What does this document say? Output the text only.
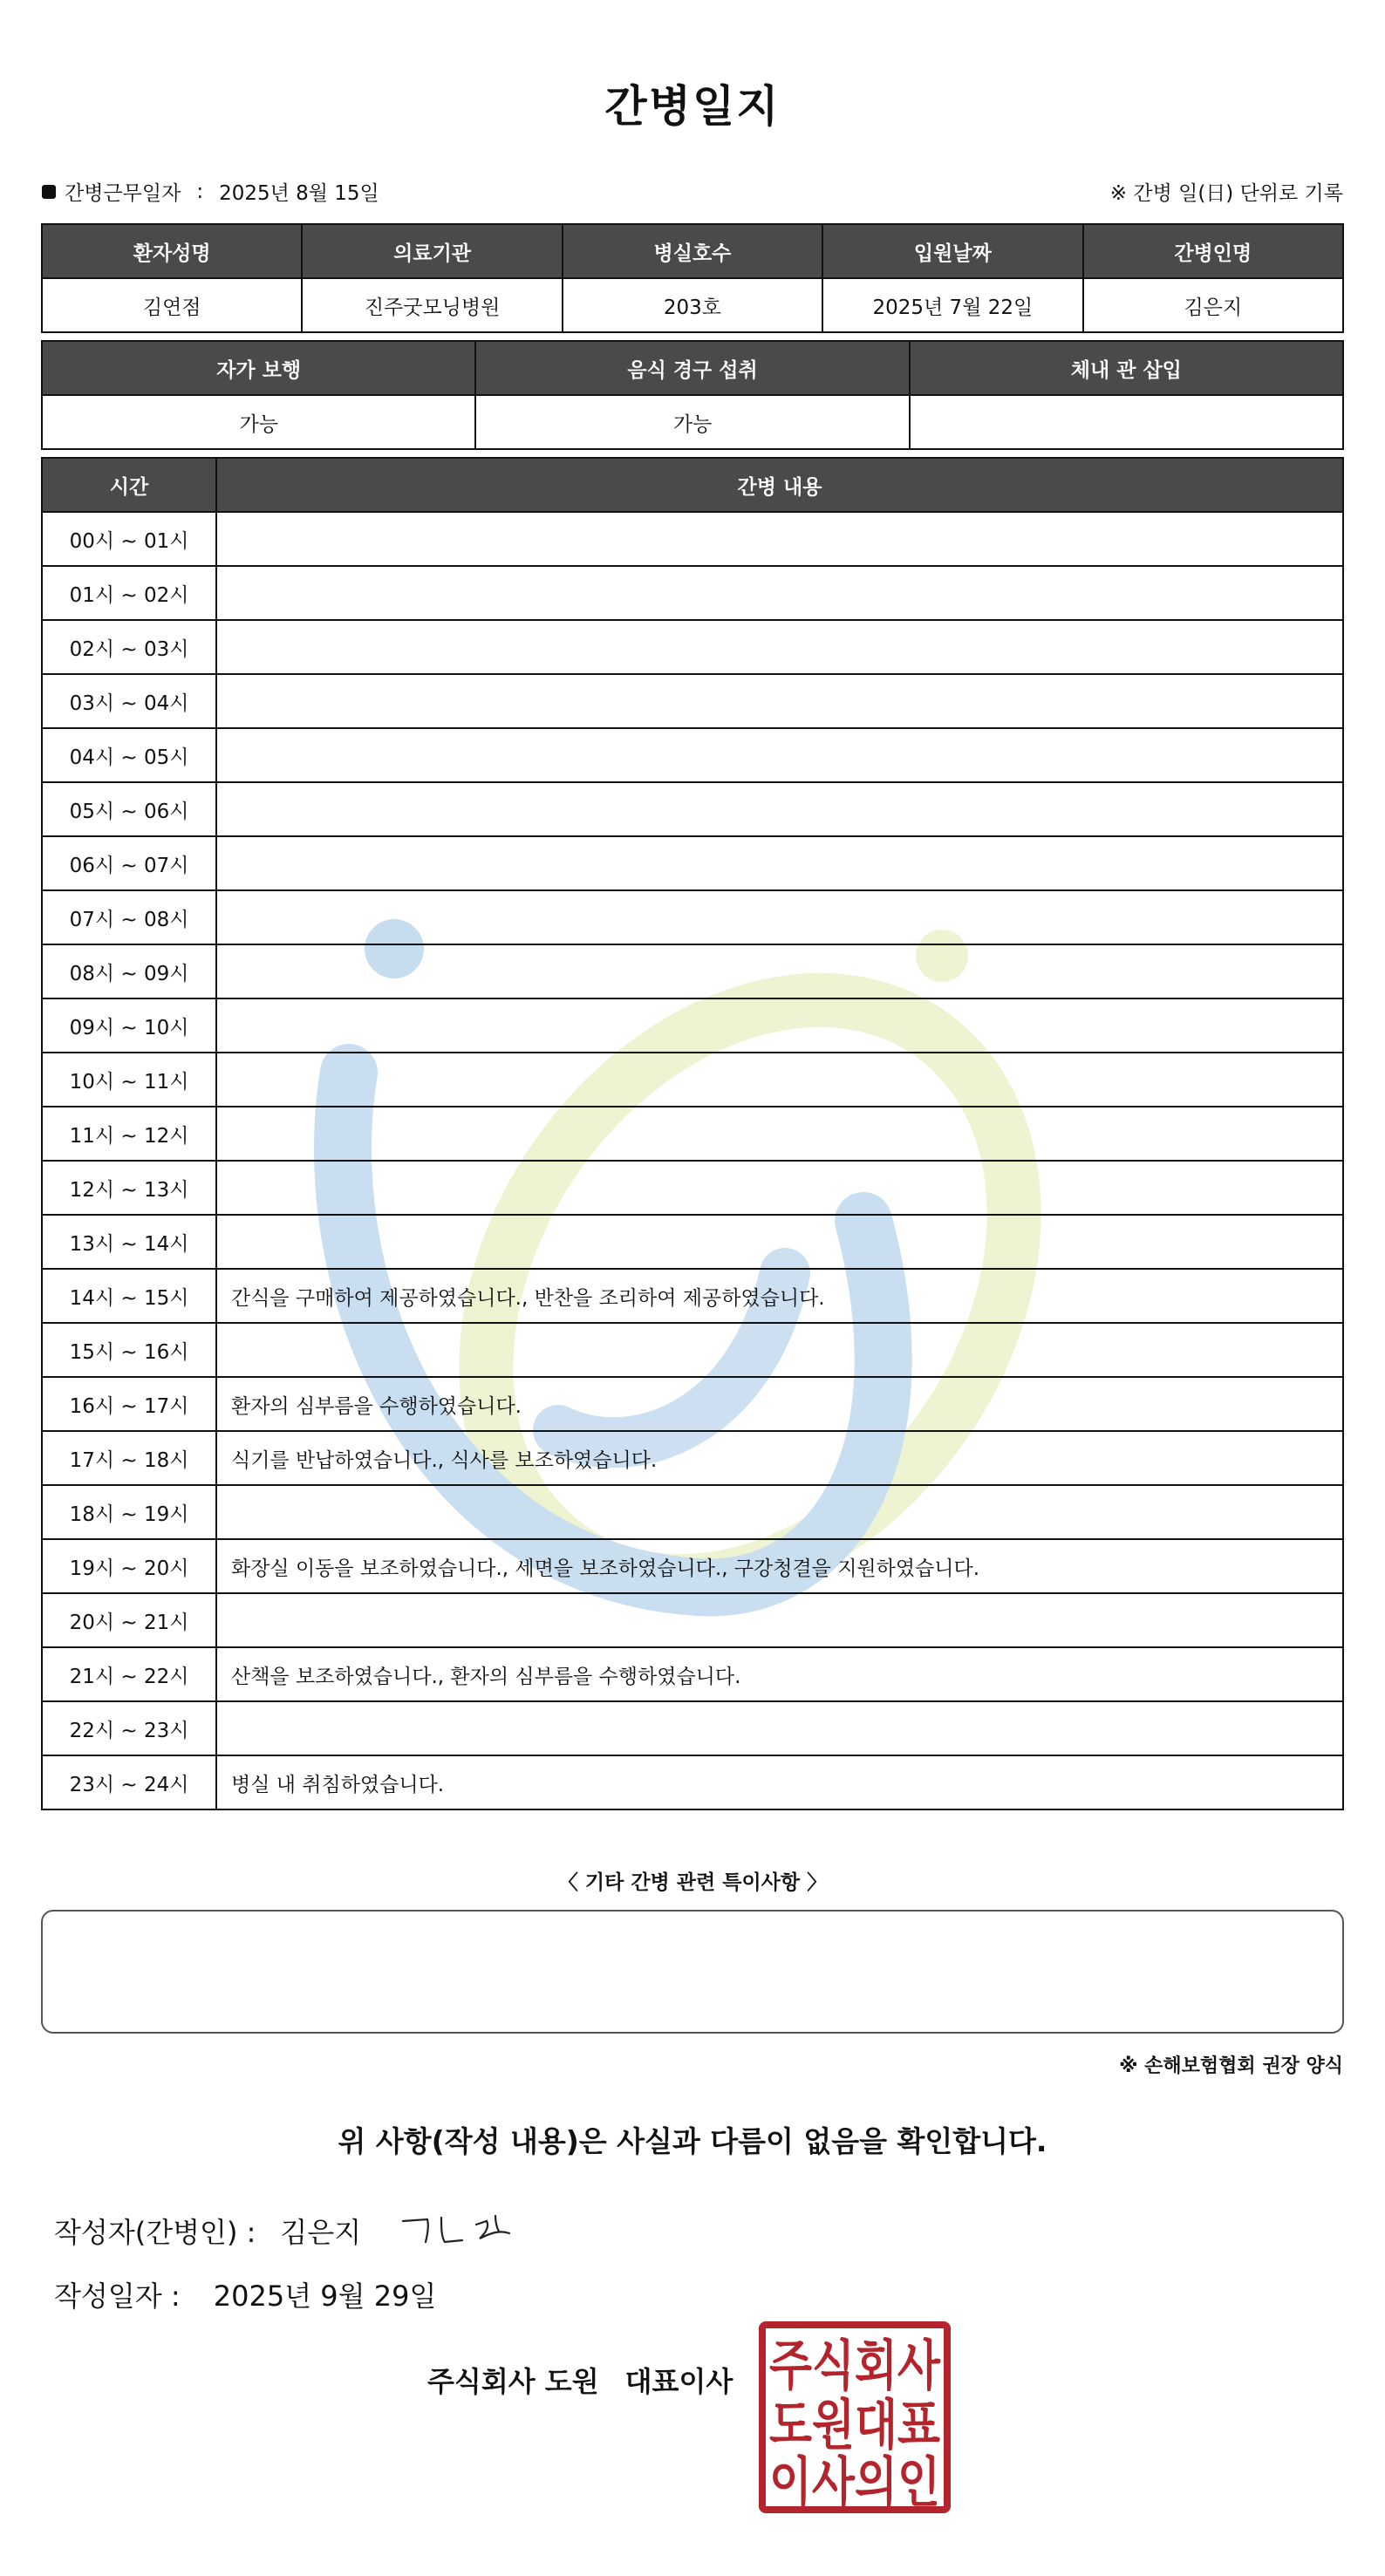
간병일지
간병근무일자 : 2025년 8월 15일	※ 간병 일(日) 단위로 기록
환자성명	의료기관	병실호수	입원날짜	간병인명
김연점	진주굿모닝병원	203호	2025년 7월 22일	김은지
자가 보행	음식 경구 섭취	체내 관 삽입
가능	가능	
시간	간병 내용
00시 ~ 01시	
01시 ~ 02시	
02시 ~ 03시	
03시 ~ 04시	
04시 ~ 05시	
05시 ~ 06시	
06시 ~ 07시	
07시 ~ 08시	
08시 ~ 09시	
09시 ~ 10시	
10시 ~ 11시	
11시 ~ 12시	
12시 ~ 13시	
13시 ~ 14시	
14시 ~ 15시	간식을 구매하여 제공하였습니다., 반찬을 조리하여 제공하였습니다.
15시 ~ 16시	
16시 ~ 17시	환자의 심부름을 수행하였습니다.
17시 ~ 18시	식기를 반납하였습니다., 식사를 보조하였습니다.
18시 ~ 19시	
19시 ~ 20시	화장실 이동을 보조하였습니다., 세면을 보조하였습니다., 구강청결을 지원하였습니다.
20시 ~ 21시	
21시 ~ 22시	산책을 보조하였습니다., 환자의 심부름을 수행하였습니다.
22시 ~ 23시	
23시 ~ 24시	병실 내 취침하였습니다.
〈 기타 간병 관련 특이사항 〉
※ 손해보험협회 권장 양식
위 사항(작성 내용)은 사실과 다름이 없음을 확인합니다.
작성자(간병인) : 김은지
작성일자 : 2025년 9월 29일
주식회사 도원 대표이사 주식회사
도원대표
이사의인
